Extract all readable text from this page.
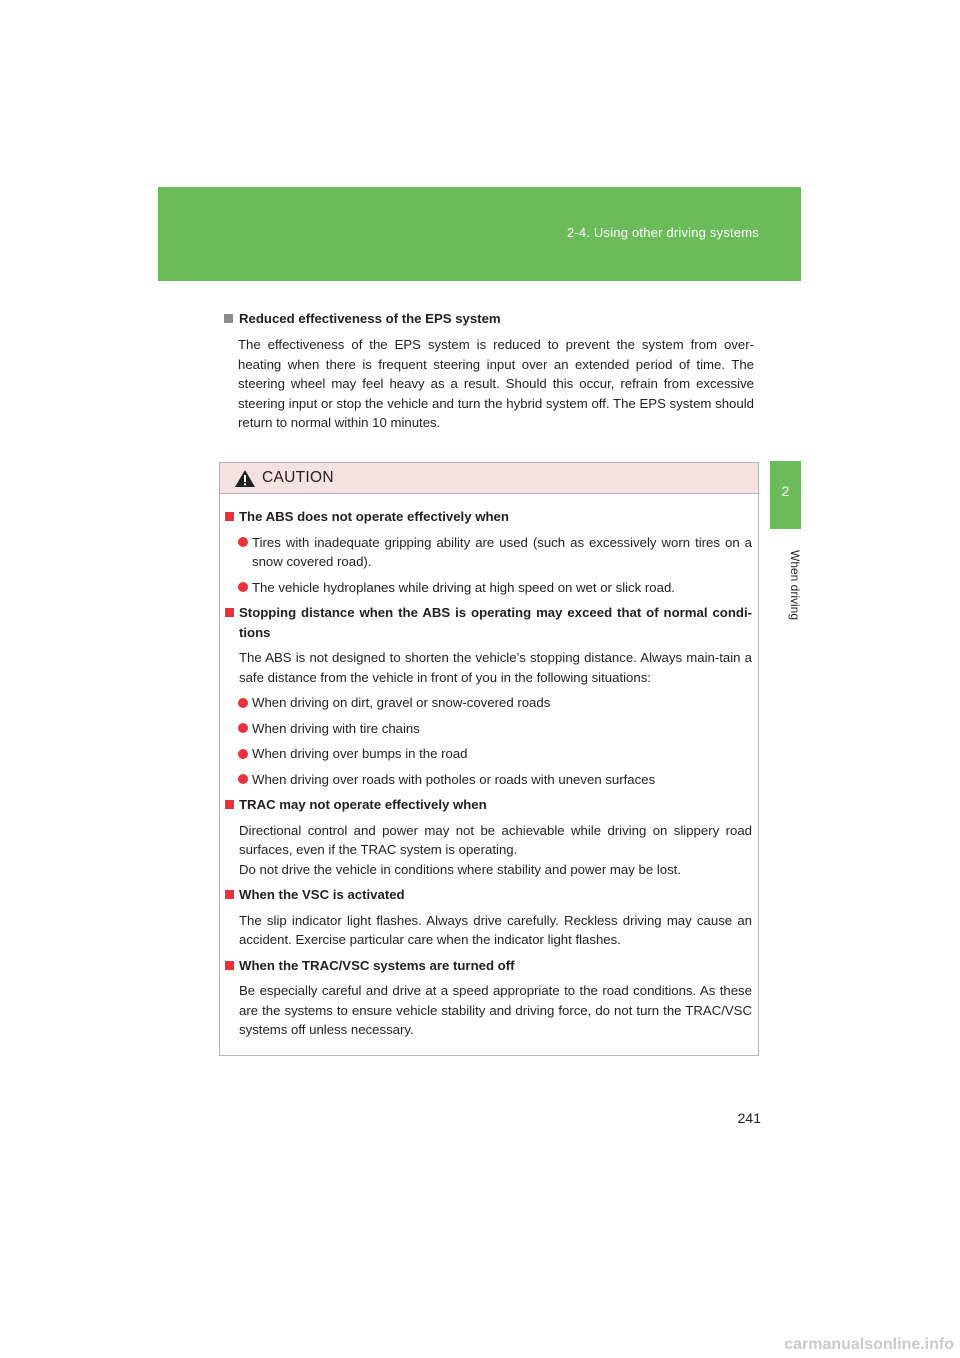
2-4. Using other driving systems
2
When driving
Reduced effectiveness of the EPS system
The effectiveness of the EPS system is reduced to prevent the system from over-heating when there is frequent steering input over an extended period of time. The steering wheel may feel heavy as a result. Should this occur, refrain from excessive steering input or stop the vehicle and turn the hybrid system off. The EPS system should return to normal within 10 minutes.
CAUTION
The ABS does not operate effectively when
Tires with inadequate gripping ability are used (such as excessively worn tires on a snow covered road).
The vehicle hydroplanes while driving at high speed on wet or slick road.
Stopping distance when the ABS is operating may exceed that of normal condi-tions
The ABS is not designed to shorten the vehicle’s stopping distance. Always main-tain a safe distance from the vehicle in front of you in the following situations:
When driving on dirt, gravel or snow-covered roads
When driving with tire chains
When driving over bumps in the road
When driving over roads with potholes or roads with uneven surfaces
TRAC may not operate effectively when
Directional control and power may not be achievable while driving on slippery road surfaces, even if the TRAC system is operating.
Do not drive the vehicle in conditions where stability and power may be lost.
When the VSC is activated
The slip indicator light flashes. Always drive carefully. Reckless driving may cause an accident. Exercise particular care when the indicator light flashes.
When the TRAC/VSC systems are turned off
Be especially careful and drive at a speed appropriate to the road conditions. As these are the systems to ensure vehicle stability and driving force, do not turn the TRAC/VSC systems off unless necessary.
241
carmanualsonline.info
